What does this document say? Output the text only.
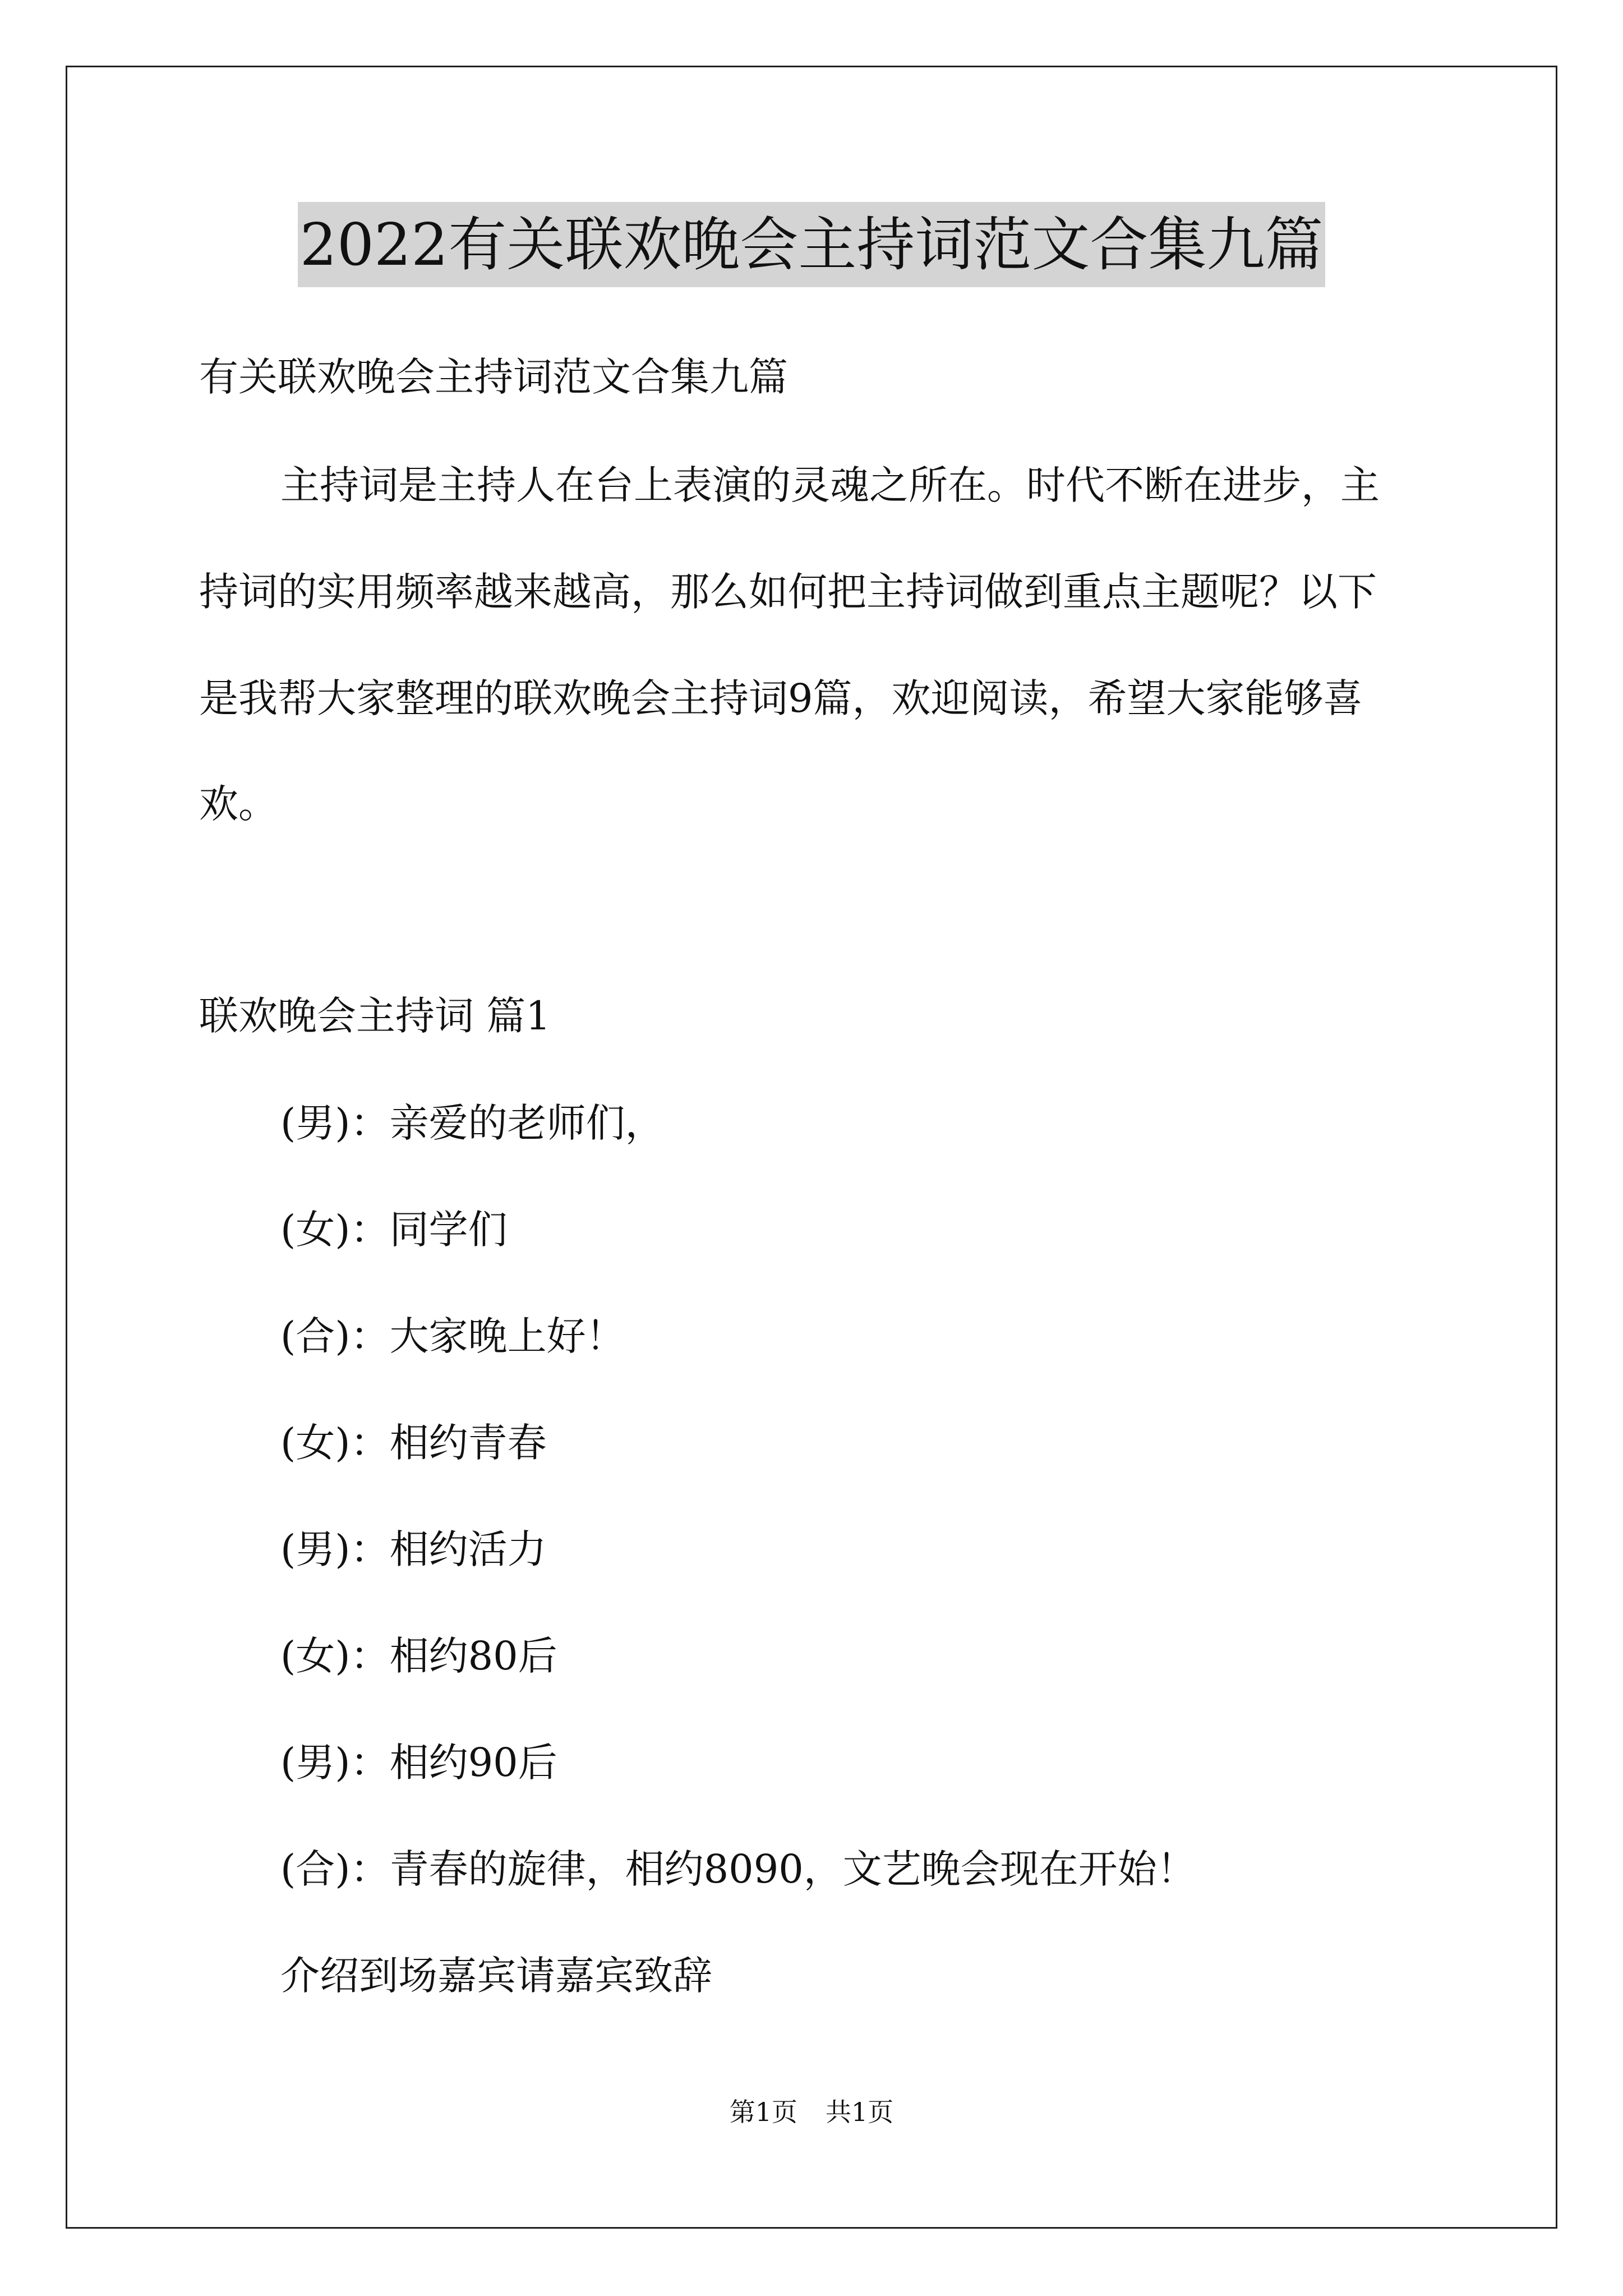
2022有关联欢晚会主持词范文合集九篇
有关联欢晚会主持词范文合集九篇
主持词是主持人在台上表演的灵魂之所在。时代不断在进步，主
持词的实用频率越来越高，那么如何把主持词做到重点主题呢？以下
是我帮大家整理的联欢晚会主持词9篇，欢迎阅读，希望大家能够喜
欢。
联欢晚会主持词 篇1
(男)：亲爱的老师们，
(女)：同学们
(合)：大家晚上好！
(女)：相约青春
(男)：相约活力
(女)：相约80后
(男)：相约90后
(合)：青春的旋律，相约8090，文艺晚会现在开始！
介绍到场嘉宾请嘉宾致辞
第1页 共1页
